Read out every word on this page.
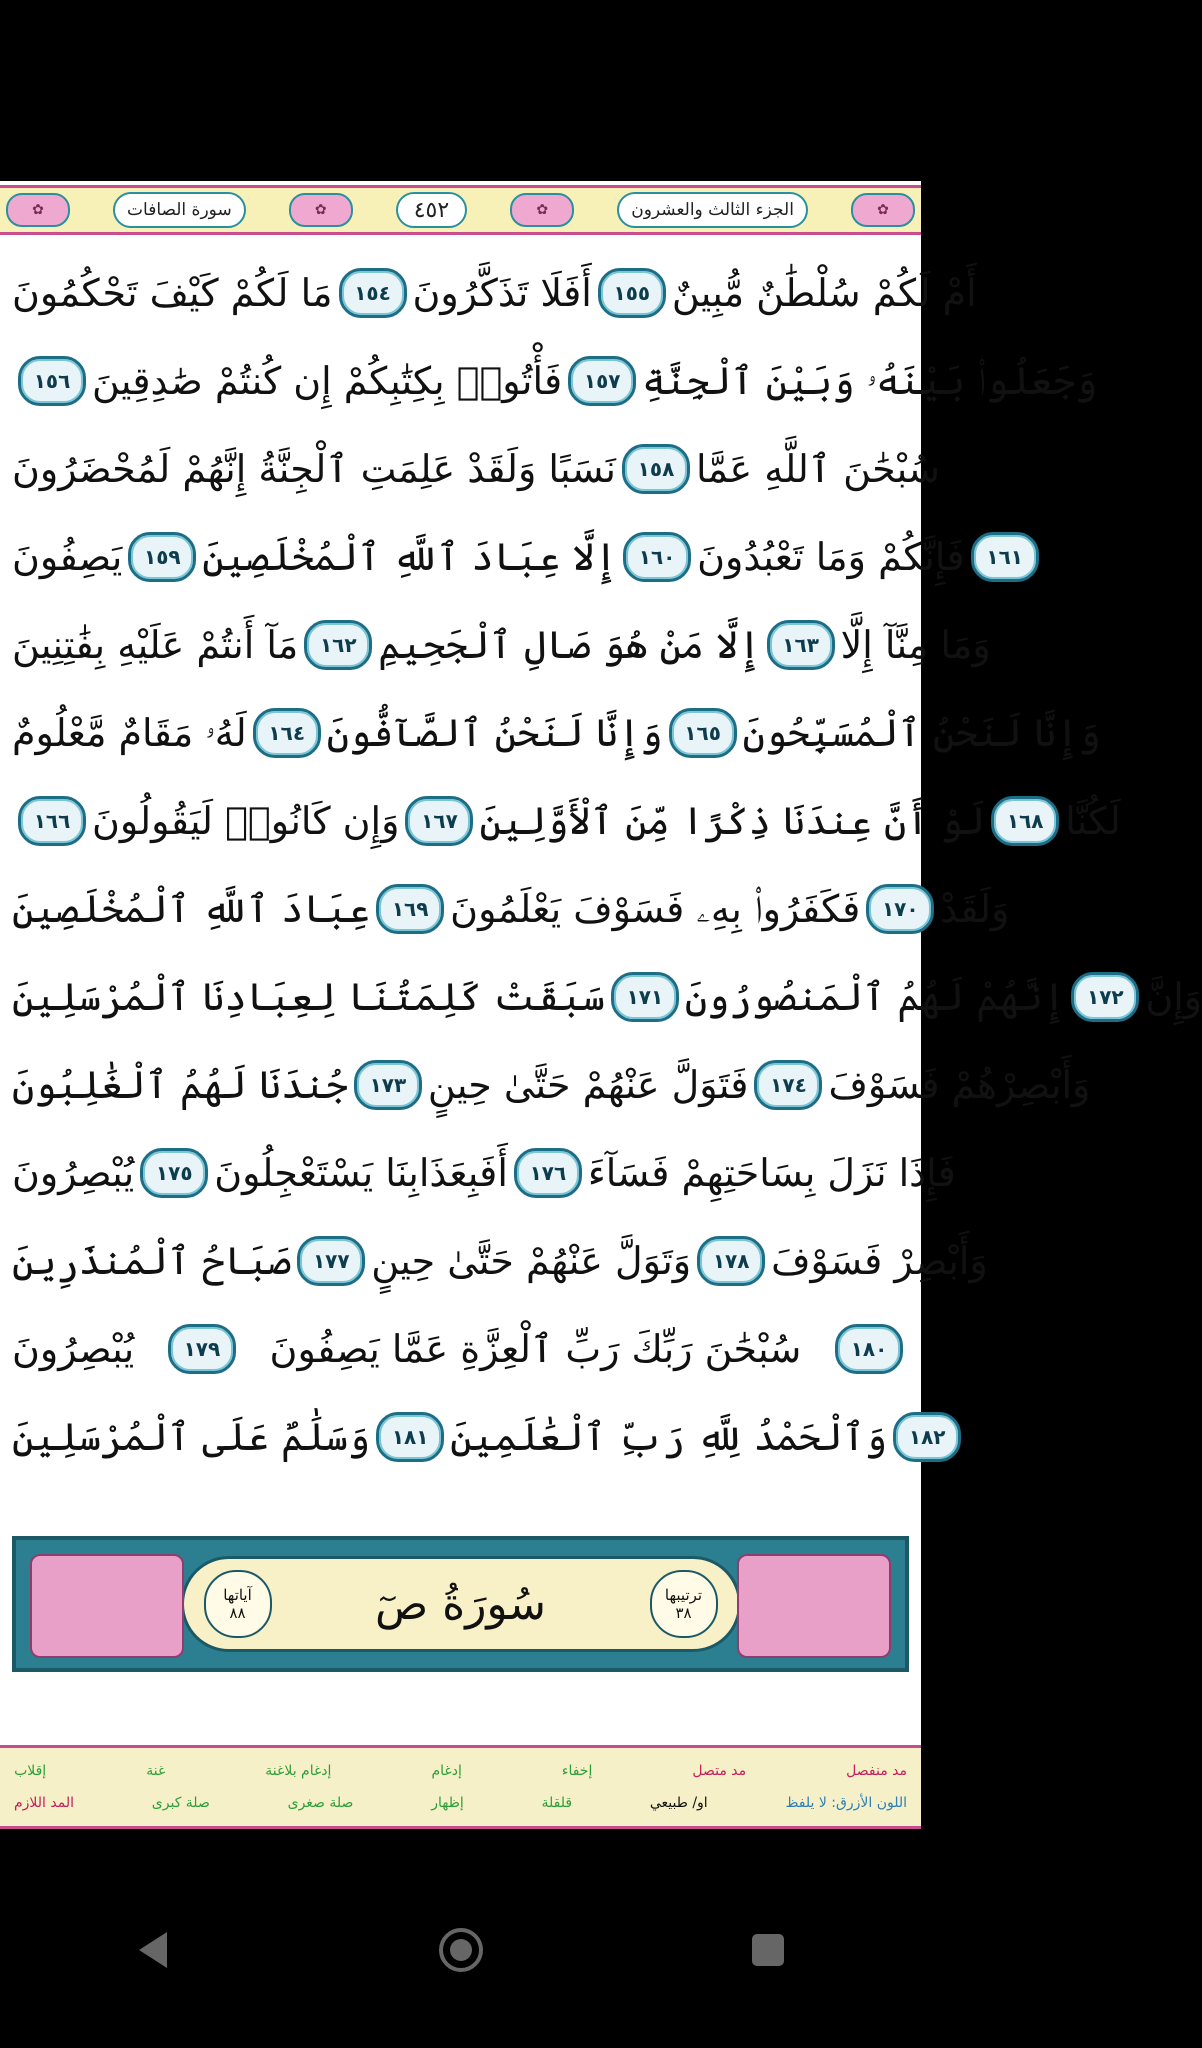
✿	سورة الصافات	✿	٤٥٢	✿	الجزء الثالث والعشرون	✿
مَا لَكُمْ كَيْفَ تَحْكُمُونَ	١٥٤ أَفَلَا تَذَكَّرُونَ	١٥٥ أَمْ لَكُمْ سُلْطَٰنٌ مُّبِينٌ
١٥٦ فَأْتُوا۟ بِكِتَٰبِكُمْ إِن كُنتُمْ صَٰدِقِينَ	١٥٧ وَجَعَلُوا۟ بَيْنَهُۥ وَبَيْنَ ٱلْجِنَّةِ
نَسَبًا وَلَقَدْ عَلِمَتِ ٱلْجِنَّةُ إِنَّهُمْ لَمُحْضَرُونَ	١٥٨ سُبْحَٰنَ ٱللَّهِ عَمَّا
يَصِفُونَ	١٥٩ إِلَّا عِبَادَ ٱللَّهِ ٱلْمُخْلَصِينَ	١٦٠ فَإِنَّكُمْ وَمَا تَعْبُدُونَ	١٦١
مَآ أَنتُمْ عَلَيْهِ بِفَٰتِنِينَ	١٦٢ إِلَّا مَنْ هُوَ صَالِ ٱلْجَحِيمِ	١٦٣ وَمَا مِنَّآ إِلَّا
لَهُۥ مَقَامٌ مَّعْلُومٌ	١٦٤ وَإِنَّا لَنَحْنُ ٱلصَّآفُّونَ	١٦٥ وَإِنَّا لَنَحْنُ ٱلْمُسَبِّحُونَ
١٦٦ وَإِن كَانُوا۟ لَيَقُولُونَ	١٦٧ لَوْ أَنَّ عِندَنَا ذِكْرًا مِّنَ ٱلْأَوَّلِينَ	١٦٨ لَكُنَّا
عِبَادَ ٱللَّهِ ٱلْمُخْلَصِينَ	١٦٩ فَكَفَرُوا۟ بِهِۦ فَسَوْفَ يَعْلَمُونَ	١٧٠ وَلَقَدْ
سَبَقَتْ كَلِمَتُنَا لِعِبَادِنَا ٱلْمُرْسَلِينَ	١٧١ إِنَّهُمْ لَهُمُ ٱلْمَنصُورُونَ	١٧٢ وَإِنَّ
جُندَنَا لَهُمُ ٱلْغَٰلِبُونَ	١٧٣ فَتَوَلَّ عَنْهُمْ حَتَّىٰ حِينٍ	١٧٤ وَأَبْصِرْهُمْ فَسَوْفَ
يُبْصِرُونَ	١٧٥ أَفَبِعَذَابِنَا يَسْتَعْجِلُونَ	١٧٦ فَإِذَا نَزَلَ بِسَاحَتِهِمْ فَسَآءَ
صَبَاحُ ٱلْمُنذَرِينَ	١٧٧ وَتَوَلَّ عَنْهُمْ حَتَّىٰ حِينٍ	١٧٨ وَأَبْصِرْ فَسَوْفَ
يُبْصِرُونَ	١٧٩	سُبْحَٰنَ رَبِّكَ رَبِّ ٱلْعِزَّةِ عَمَّا يَصِفُونَ	١٨٠
وَسَلَٰمٌ عَلَى ٱلْمُرْسَلِينَ	١٨١ وَٱلْحَمْدُ لِلَّهِ رَبِّ ٱلْعَٰلَمِينَ	١٨٢
آياتها
٨٨	سُورَةُ صٓ	ترتيبها
٣٨
إقلاب	غنة	إدغام بلاغنة	إدغام	إخفاء	مد متصل	مد منفصل
المد اللازم	صلة كبرى	صلة صغرى	إظهار	قلقلة	او/ طبيعي	اللون الأزرق: لا يلفظ
